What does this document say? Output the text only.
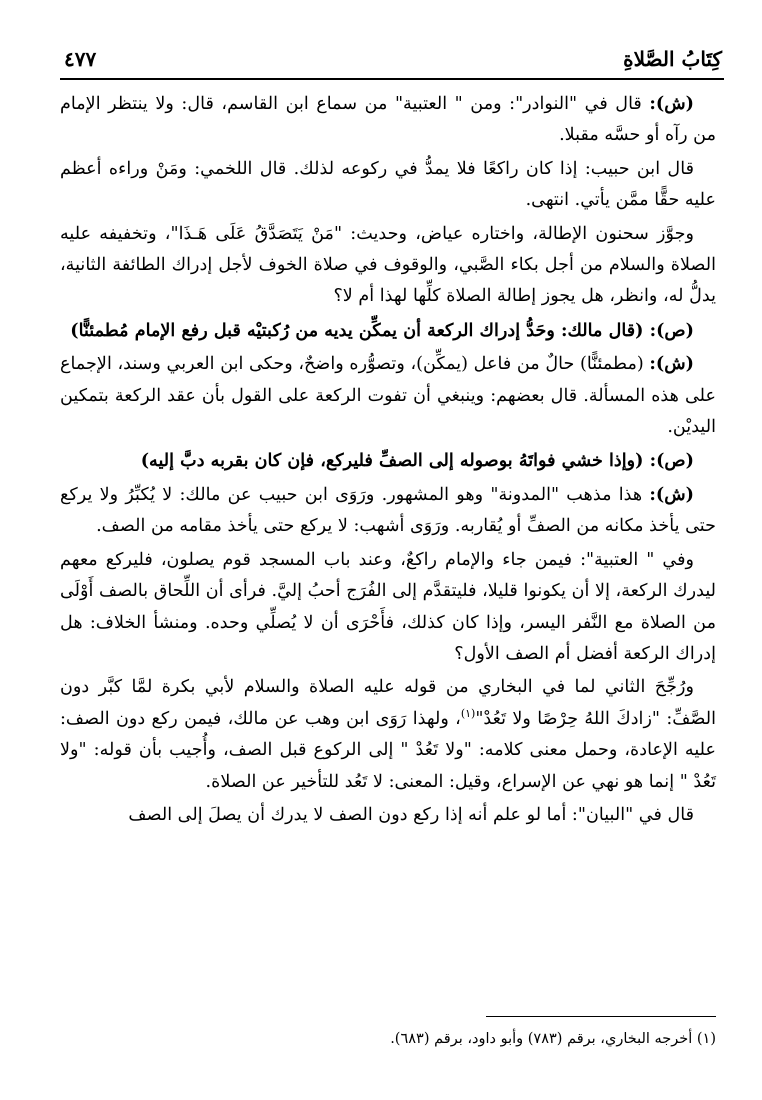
كِتَابُ الصَّلاةِ
٤٧٧

(ش): قال في "النوادر": ومن " العتبية" من سماع ابن القاسم، قال: ولا ينتظر الإمام من رآه أو حسَّه مقبلا.

قال ابن حبيب: إذا كان راكعًا فلا يمدُّ في ركوعه لذلك. قال اللخمي: ومَنْ وراءه أعظم عليه حقًّا ممَّن يأتي. انتهى.

وجوَّز سحنون الإطالة، واختاره عياض، وحديث: "مَنْ يَتَصَدَّقُ عَلَى هَـذَا"، وتخفيفه عليه الصلاة والسلام من أجل بكاء الصَّبي، والوقوف في صلاة الخوف لأجل إدراك الطائفة الثانية، يدلُّ له، وانظر، هل يجوز إطالة الصلاة كلِّها لهذا أم لا؟

(ص): (قال مالك: وحَدُّ إدراك الركعة أن يمكِّن يديه من رُكبتيْه قبل رفع الإمام مُطمئنًّا)

(ش): (مطمئنًّا) حالٌ من فاعل (يمكِّن)، وتصوُّره واضحٌ، وحكى ابن العربي وسند، الإجماع على هذه المسألة. قال بعضهم: وينبغي أن تفوت الركعة على القول بأن عقد الركعة بتمكين اليديْن.

(ص): (وإذا خشي فواتَهُ بوصوله إلى الصفِّ فليركع، فإن كان بقربه دبَّ إليه)

(ش): هذا مذهب "المدونة" وهو المشهور. ورَوَى ابن حبيب عن مالك: لا يُكبِّرُ ولا يركع حتى يأخذ مكانه من الصفِّ أو يُقاربه. ورَوَى أشهب: لا يركع حتى يأخذ مقامه من الصف.

وفي " العتبية": فيمن جاء والإمام راكعٌ، وعند باب المسجد قوم يصلون، فليركع معهم ليدرك الركعة، إلا أن يكونوا قليلا، فليتقدَّم إلى الفُرَج أحبُ إليَّ. فرأى أن اللِّحاق بالصف أَوْلَى من الصلاة مع النَّفر اليسر، وإذا كان كذلك، فأَحْرَى أن لا يُصلِّي وحده. ومنشأ الخلاف: هل إدراك الركعة أفضل أم الصف الأول؟

ورُجِّحَ الثاني لما في البخاري من قوله عليه الصلاة والسلام لأبي بكرة لمَّا كبَّر دون الصَّفِّ: "زادكَ اللهُ حِرْصًا ولا تَعُدْ"$^{(١)}$، ولهذا رَوَى ابن وهب عن مالك، فيمن ركع دون الصف: عليه الإعادة، وحمل معنى كلامه: "ولا تَعُدْ " إلى الركوع قبل الصف، وأُجيب بأن قوله: "ولا تَعُدْ " إنما هو نهي عن الإسراع، وقيل: المعنى: لا تَعُد للتأخير عن الصلاة.

قال في "البيان": أما لو علم أنه إذا ركع دون الصف لا يدرك أن يصلَ إلى الصف

(١) أخرجه البخاري، برقم (٧٨٣) وأبو داود، برقم (٦٨٣).
